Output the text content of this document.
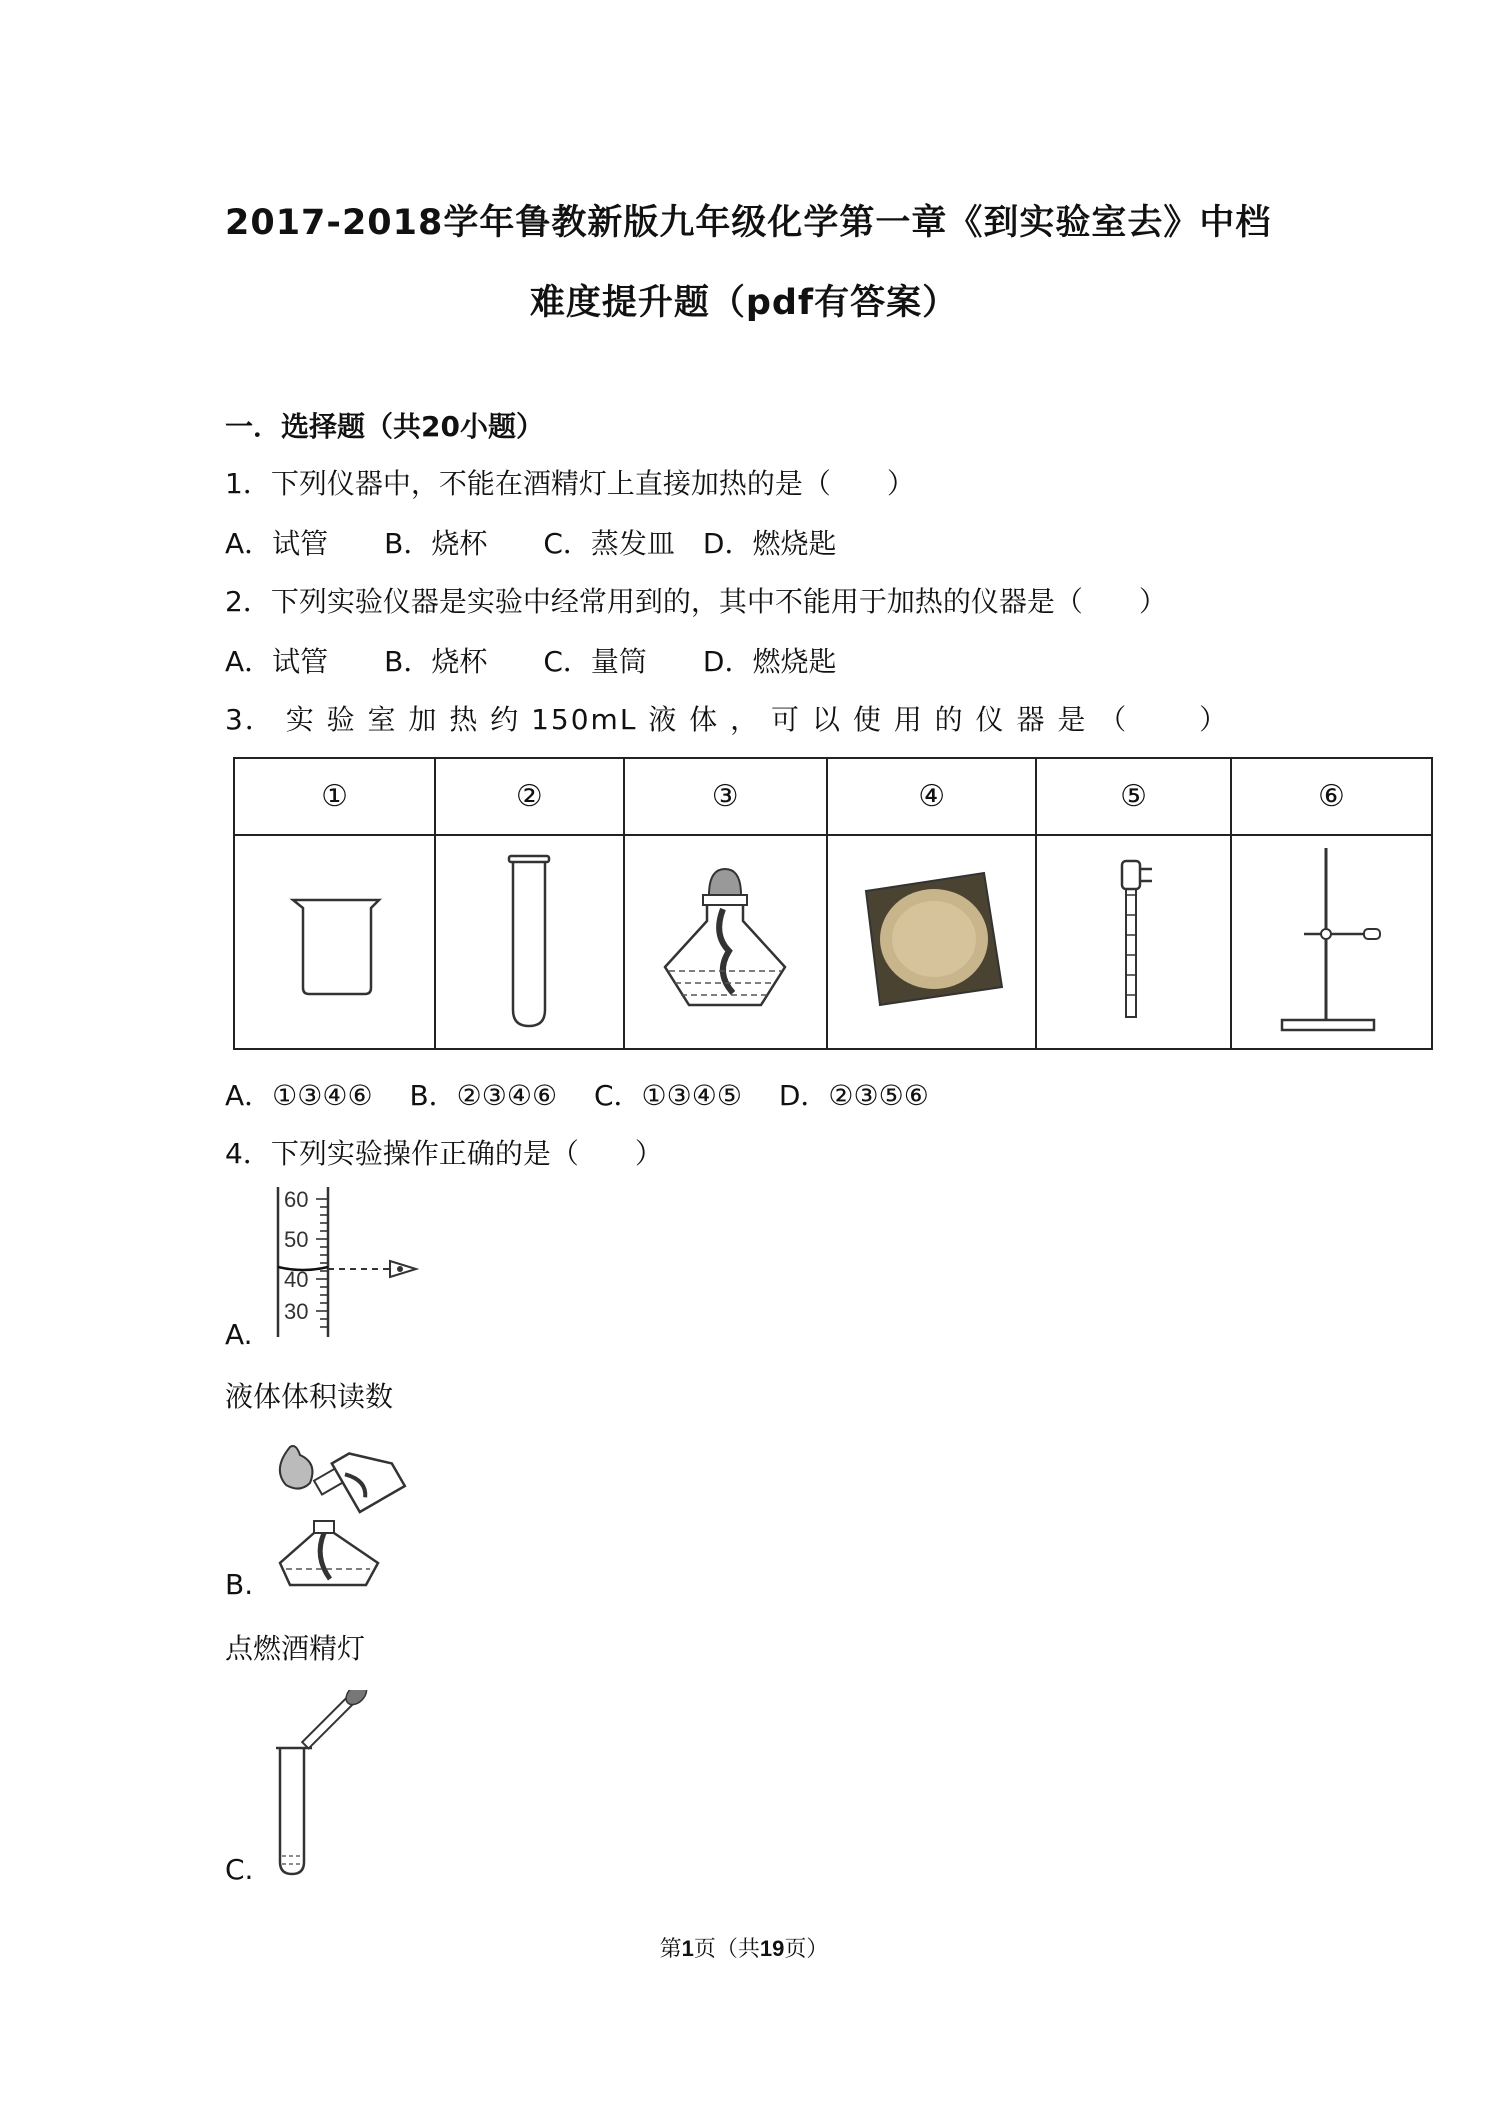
2017-2018学年鲁教新版九年级化学第一章《到实验室去》中档
难度提升题（pdf有答案）
一．选择题（共20小题）
1．下列仪器中，不能在酒精灯上直接加热的是（　　）
A．试管　　B．烧杯　　C．蒸发皿　D．燃烧匙
2．下列实验仪器是实验中经常用到的，其中不能用于加热的仪器是（　　）
A．试管　　B．烧杯　　C．量筒　　D．燃烧匙
3． 实 验 室 加 热 约 150mL 液 体 ， 可 以 使 用 的 仪 器 是 （　　 ）
①	②	③	④	⑤	⑥

A．①③④⑥　 B．②③④⑥　 C．①③④⑤　 D．②③⑤⑥
4．下列实验操作正确的是（　　）
A.
60
50
40
30
液体体积读数
B.
点燃酒精灯
C.
第1页（共19页）
